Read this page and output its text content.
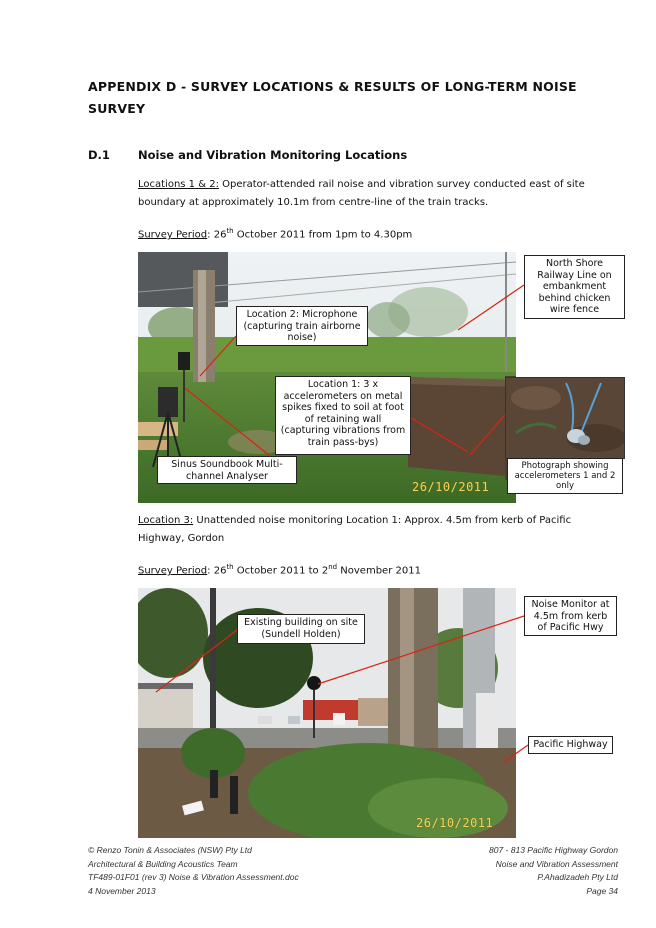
APPENDIX D - SURVEY LOCATIONS & RESULTS OF LONG-TERM NOISE
SURVEY
D.1 Noise and Vibration Monitoring Locations
Locations 1 & 2: Operator-attended rail noise and vibration survey conducted east of site boundary at approximately 10.1m from centre-line of the train tracks.
Survey Period: 26th October 2011 from 1pm to 4.30pm
26/10/2011
North Shore Railway Line on embankment behind chicken wire fence
Location 2: Microphone (capturing train airborne noise)
Location 1: 3 x accelerometers on metal spikes fixed to soil at foot of retaining wall (capturing vibrations from train pass-bys)
Sinus Soundbook Multi-channel Analyser
Photograph showing accelerometers 1 and 2 only
Location 3: Unattended noise monitoring Location 1: Approx. 4.5m from kerb of Pacific Highway, Gordon
Survey Period: 26th October 2011 to 2nd November 2011
26/10/2011
Existing building on site (Sundell Holden)
Noise Monitor at 4.5m from kerb of Pacific Hwy
Pacific Highway
© Renzo Tonin & Associates (NSW) Pty Ltd
Architectural & Building Acoustics Team
TF489-01F01 (rev 3) Noise & Vibration Assessment.doc
4 November 2013
807 - 813 Pacific Highway Gordon
Noise and Vibration Assessment
P.Ahadizadeh Pty Ltd
Page 34
